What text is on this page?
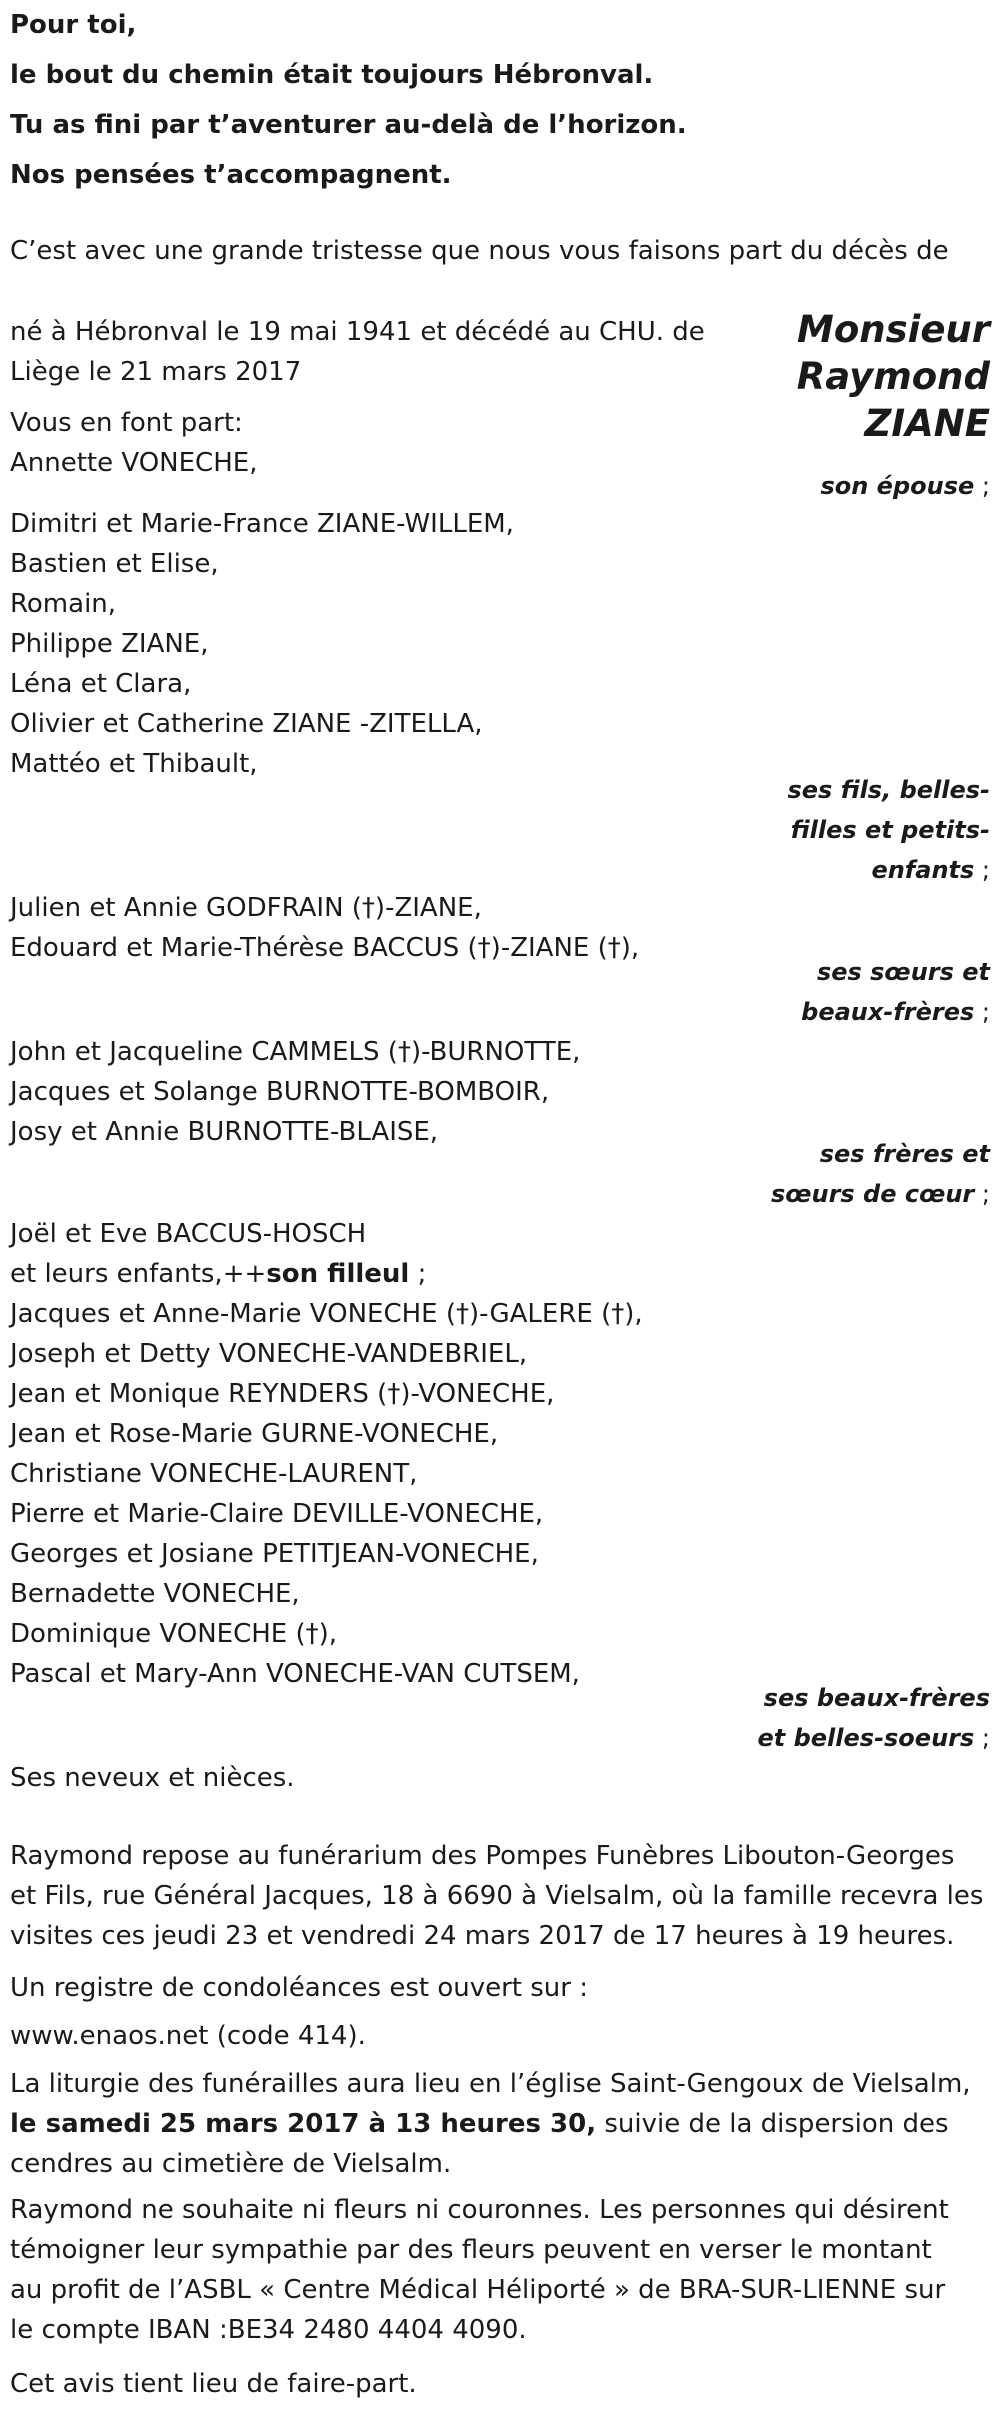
Pour toi,
le bout du chemin était toujours Hébronval.
Tu as fini par t’aventurer au-delà de l’horizon.
Nos pensées t’accompagnent.
C’est avec une grande tristesse que nous vous faisons part du décès de
Monsieur
Raymond
ZIANE
né à Hébronval le 19 mai 1941 et décédé au CHU. de
Liège le 21 mars 2017
Vous en font part:
Annette VONECHE,
son épouse ;
Dimitri et Marie-France ZIANE-WILLEM,
Bastien et Elise,
Romain,
Philippe ZIANE,
Léna et Clara,
Olivier et Catherine ZIANE -ZITELLA,
Mattéo et Thibault,
ses fils, belles-
filles et petits-
enfants ;
Julien et Annie GODFRAIN (†)-ZIANE,
Edouard et Marie-Thérèse BACCUS (†)-ZIANE (†),
ses sœurs et
beaux-frères ;
John et Jacqueline CAMMELS (†)-BURNOTTE,
Jacques et Solange BURNOTTE-BOMBOIR,
Josy et Annie BURNOTTE-BLAISE,
ses frères et
sœurs de cœur ;
Joël et Eve BACCUS-HOSCH
et leurs enfants,++son filleul ;
Jacques et Anne-Marie VONECHE (†)-GALERE (†),
Joseph et Detty VONECHE-VANDEBRIEL,
Jean et Monique REYNDERS (†)-VONECHE,
Jean et Rose-Marie GURNE-VONECHE,
Christiane VONECHE-LAURENT,
Pierre et Marie-Claire DEVILLE-VONECHE,
Georges et Josiane PETITJEAN-VONECHE,
Bernadette VONECHE,
Dominique VONECHE (†),
Pascal et Mary-Ann VONECHE-VAN CUTSEM,
ses beaux-frères
et belles-soeurs ;
Ses neveux et nièces.
Raymond repose au funérarium des Pompes Funèbres Libouton-Georges
et Fils, rue Général Jacques, 18 à 6690 à Vielsalm, où la famille recevra les
visites ces jeudi 23 et vendredi 24 mars 2017 de 17 heures à 19 heures.
Un registre de condoléances est ouvert sur :
www.enaos.net (code 414).
La liturgie des funérailles aura lieu en l’église Saint-Gengoux de Vielsalm,
le samedi 25 mars 2017 à 13 heures 30, suivie de la dispersion des
cendres au cimetière de Vielsalm.
Raymond ne souhaite ni fleurs ni couronnes. Les personnes qui désirent
témoigner leur sympathie par des fleurs peuvent en verser le montant
au profit de l’ASBL « Centre Médical Héliporté » de BRA-SUR-LIENNE sur
le compte IBAN :BE34 2480 4404 4090.
Cet avis tient lieu de faire-part.
